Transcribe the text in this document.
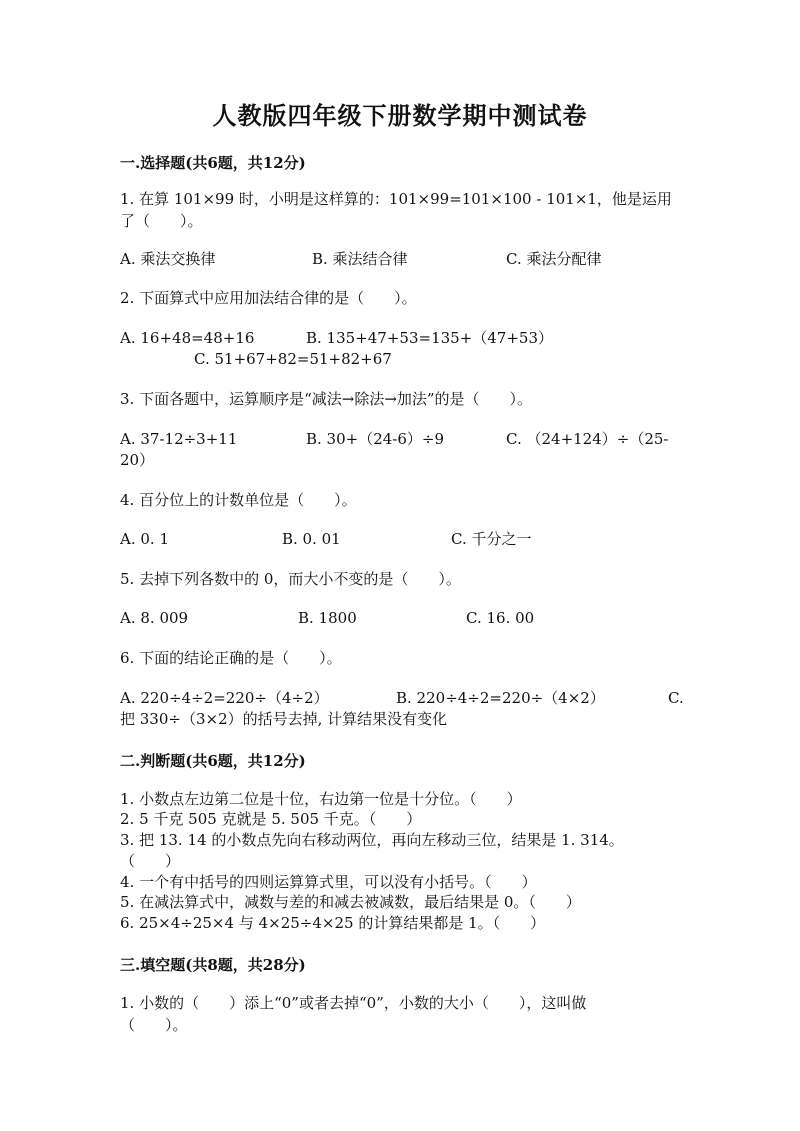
人教版四年级下册数学期中测试卷
一.选择题(共6题，共12分)
1. 在算 101×99 时，小明是这样算的：101×99=101×100 - 101×1，他是运用
了（　　）。
A. 乘法交换律	B. 乘法结合律	C. 乘法分配律
2. 下面算式中应用加法结合律的是（　　）。
A. 16+48=48+16	B. 135+47+53=135+（47+53）
C. 51+67+82=51+82+67
3. 下面各题中，运算顺序是“减法→除法→加法”的是（　　）。
A. 37-12÷3+11	B. 30+（24-6）÷9	C. （24+124）÷（25-
20）
4. 百分位上的计数单位是（　　）。
A. 0. 1	B. 0. 01	C. 千分之一
5. 去掉下列各数中的 0，而大小不变的是（　　）。
A. 8. 009	B. 1800	C. 16. 00
6. 下面的结论正确的是（　　）。
A. 220÷4÷2=220÷（4÷2）	B. 220÷4÷2=220÷（4×2）	C.
把 330÷（3×2）的括号去掉, 计算结果没有变化
二.判断题(共6题，共12分)
1. 小数点左边第二位是十位，右边第一位是十分位。（　　）
2. 5 千克 505 克就是 5. 505 千克。（　　）
3. 把 13. 14 的小数点先向右移动两位，再向左移动三位，结果是 1. 314。
（　　）
4. 一个有中括号的四则运算算式里，可以没有小括号。（　　）
5. 在减法算式中，减数与差的和减去被减数，最后结果是 0。（　　）
6. 25×4÷25×4 与 4×25÷4×25 的计算结果都是 1。（　　）
三.填空题(共8题，共28分)
1. 小数的（　　）添上“0”或者去掉“0”，小数的大小（　　），这叫做
（　　）。
